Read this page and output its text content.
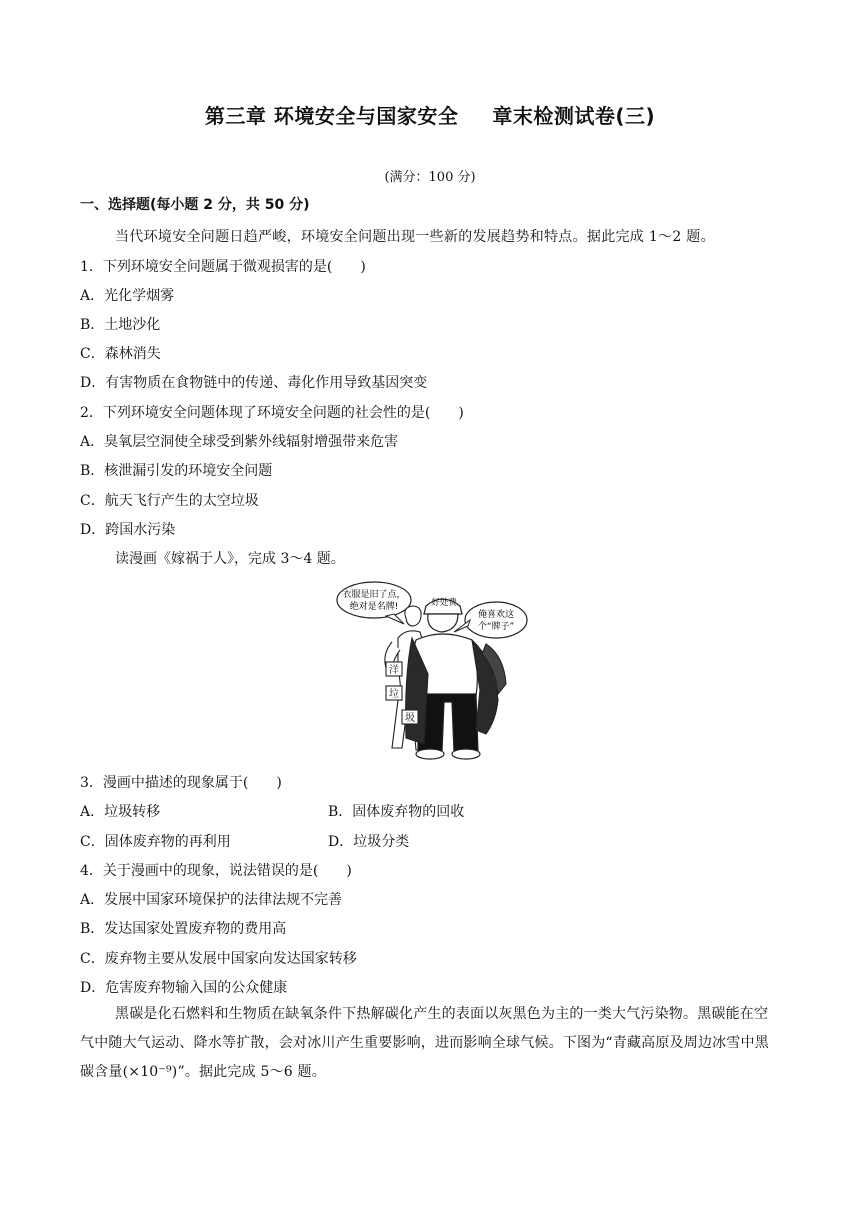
第三章 环境安全与国家安全 章末检测试卷(三)
(满分：100 分)
一、选择题(每小题 2 分，共 50 分)
当代环境安全问题日趋严峻，环境安全问题出现一些新的发展趋势和特点。据此完成 1～2 题。
1．下列环境安全问题属于微观损害的是(　　)
A．光化学烟雾
B．土地沙化
C．森林消失
D．有害物质在食物链中的传递、毒化作用导致基因突变
2．下列环境安全问题体现了环境安全问题的社会性的是(　　)
A．臭氧层空洞使全球受到紫外线辐射增强带来危害
B．核泄漏引发的环境安全问题
C．航天飞行产生的太空垃圾
D．跨国水污染
读漫画《嫁祸于人》，完成 3～4 题。
衣服是旧了点，
绝对是名牌!
俺喜欢这
个“牌子”
好处费
洋
垃
圾
3．漫画中描述的现象属于(　　)
A．垃圾转移	B．固体废弃物的回收
C．固体废弃物的再利用	D．垃圾分类
4．关于漫画中的现象，说法错误的是(　　)
A．发展中国家环境保护的法律法规不完善
B．发达国家处置废弃物的费用高
C．废弃物主要从发展中国家向发达国家转移
D．危害废弃物输入国的公众健康
黑碳是化石燃料和生物质在缺氧条件下热解碳化产生的表面以灰黑色为主的一类大气污染物。黑碳能在空气中随大气运动、降水等扩散，会对冰川产生重要影响，进而影响全球气候。下图为“青藏高原及周边冰雪中黑碳含量(×10⁻⁹)”。据此完成 5～6 题。
